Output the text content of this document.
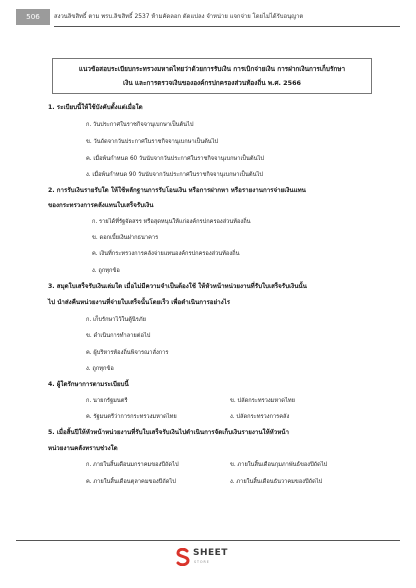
506	สงวนลิขสิทธิ์ ตาม พรบ.ลิขสิทธิ์ 2537 ห้ามคัดลอก ดัดแปลง จำหน่าย แจกจ่าย โดยไม่ได้รับอนุญาต
แนวข้อสอบระเบียบกระทรวงมหาดไทยว่าด้วยการรับเงิน การเบิกจ่ายเงิน การฝากเงินการเก็บรักษา
เงิน และการตรวจเงินขององค์กรปกครองส่วนท้องถิ่น พ.ศ. 2566
1. ระเบียบนี้ให้ใช้บังคับตั้งแต่เมื่อใด
ก. วันประกาศในราชกิจจานุเบกษาเป็นต้นไป
ข. วันถัดจากวันประกาศในราชกิจจานุเบกษาเป็นต้นไป
ค. เมื่อพ้นกำหนด 60 วันนับจากวันประกาศในราชกิจจานุเบกษาเป็นต้นไป
ง. เมื่อพ้นกำหนด 90 วันนับจากวันประกาศในราชกิจจานุเบกษาเป็นต้นไป
2. การรับเงินรายรับใด ให้ใช้หลักฐานการรับโอนเงิน หรือการฝากหา หรือรายงานการจ่ายเงินแทน
ของกระทรวงการคลังแทนใบเสร็จรับเงิน
ก. รายได้ที่รัฐจัดสรร หรือสุดหนุนให้แก่องค์กรปกครองส่วนท้องถิ่น
ข. ดอกเบี้ยเงินฝากธนาคาร
ค. เงินที่กระทรวงการคลังจ่ายแทนองค์กรปกครองส่วนท้องถิ่น
ง. ถูกทุกข้อ
3. สมุดใบเสร็จรับเงินเล่มใด เมื่อไม่มีความจำเป็นต้องใช้ ให้หัวหน้าหน่วยงานที่รับใบเสร็จรับเงินนั้น
ไป นำส่งคืนหน่วยงานที่จ่ายใบเสร็จนั้นโดยเร็ว เพื่อดำเนินการอย่างไร
ก. เก็บรักษาไว้ในตู้นิรภัย
ข. ดำเนินการทำลายต่อไป
ค. ผู้บริหารท้องถิ่นพิจารณาสั่งการ
ง. ถูกทุกข้อ
4. ผู้ใดรักษาการตามระเบียบนี้
ก. นายกรัฐมนตรี	ข. ปลัดกระทรวงมหาดไทย
ค. รัฐมนตรีว่าการกระทรวงมหาดไทย	ง. ปลัดกระทรวงการคลัง
5. เมื่อสิ้นปีให้หัวหน้าหน่วยงานที่รับใบเสร็จรับเงินไปดำเนินการจัดเก็บเงินรายงานให้หัวหน้า
หน่วยงานคลังทราบช่วงใด
ก. ภายในสิ้นเดือนมกราคมของปีถัดไป	ข. ภายในสิ้นเดือนกุมภาพันธ์ของปีถัดไป
ค. ภายในสิ้นเดือนตุลาคมของปีถัดไป	ง. ภายในสิ้นเดือนธันวาคมของปีถัดไป
SHEET
STORE
